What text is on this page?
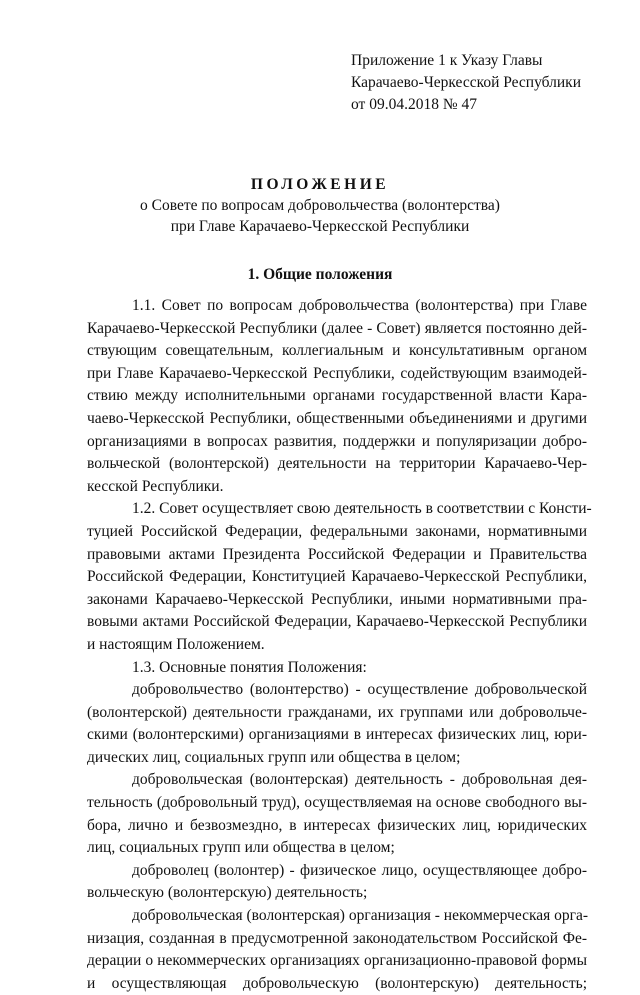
Приложение 1 к Указу Главы
Карачаево-Черкесской Республики
от 09.04.2018 № 47
ПОЛОЖЕНИЕ
о Совете по вопросам добровольчества (волонтерства)
при Главе Карачаево-Черкесской Республики
1. Общие положения
1.1. Совет по вопросам добровольчества (волонтерства) при Главе
Карачаево-Черкесской Республики (далее - Совет) является постоянно дей-
ствующим совещательным, коллегиальным и консультативным органом
при Главе Карачаево-Черкесской Республики, содействующим взаимодей-
ствию между исполнительными органами государственной власти Кара-
чаево-Черкесской Республики, общественными объединениями и другими
организациями в вопросах развития, поддержки и популяризации добро-
вольческой (волонтерской) деятельности на территории Карачаево-Чер-
кесской Республики.
1.2. Совет осуществляет свою деятельность в соответствии с Консти-
туцией Российской Федерации, федеральными законами, нормативными
правовыми актами Президента Российской Федерации и Правительства
Российской Федерации, Конституцией Карачаево-Черкесской Республики,
законами Карачаево-Черкесской Республики, иными нормативными пра-
вовыми актами Российской Федерации, Карачаево-Черкесской Республики
и настоящим Положением.
1.3. Основные понятия Положения:
добровольчество (волонтерство) - осуществление добровольческой
(волонтерской) деятельности гражданами, их группами или добровольче-
скими (волонтерскими) организациями в интересах физических лиц, юри-
дических лиц, социальных групп или общества в целом;
добровольческая (волонтерская) деятельность - добровольная дея-
тельность (добровольный труд), осуществляемая на основе свободного вы-
бора, лично и безвозмездно, в интересах физических лиц, юридических
лиц, социальных групп или общества в целом;
доброволец (волонтер) - физическое лицо, осуществляющее добро-
вольческую (волонтерскую) деятельность;
добровольческая (волонтерская) организация - некоммерческая орга-
низация, созданная в предусмотренной законодательством Российской Фе-
дерации о некоммерческих организациях организационно-правовой формы
и осуществляющая добровольческую (волонтерскую) деятельность;
